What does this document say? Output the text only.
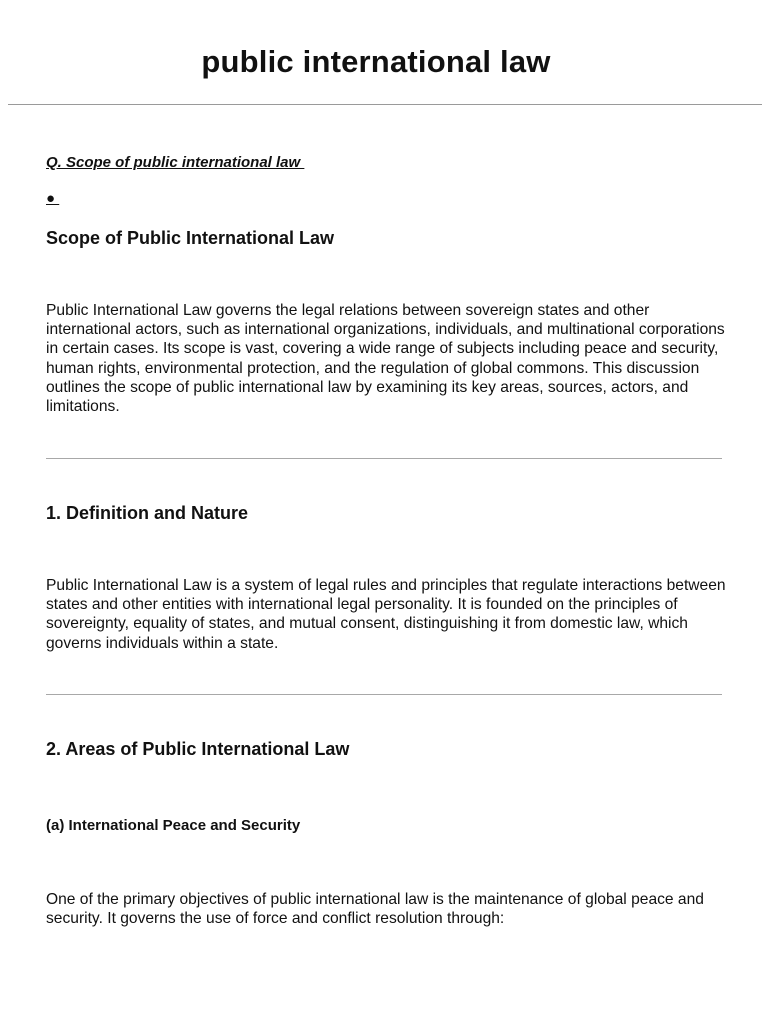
public international law
Q. Scope of public international law
●
Scope of Public International Law

Public International Law governs the legal relations between sovereign states and other international actors, such as international organizations, individuals, and multinational corporations in certain cases. Its scope is vast, covering a wide range of subjects including peace and security, human rights, environmental protection, and the regulation of global commons. This discussion outlines the scope of public international law by examining its key areas, sources, actors, and limitations.

1. Definition and Nature

Public International Law is a system of legal rules and principles that regulate interactions between states and other entities with international legal personality. It is founded on the principles of sovereignty, equality of states, and mutual consent, distinguishing it from domestic law, which governs individuals within a state.

2. Areas of Public International Law
(a) International Peace and Security

One of the primary objectives of public international law is the maintenance of global peace and security. It governs the use of force and conflict resolution through:
